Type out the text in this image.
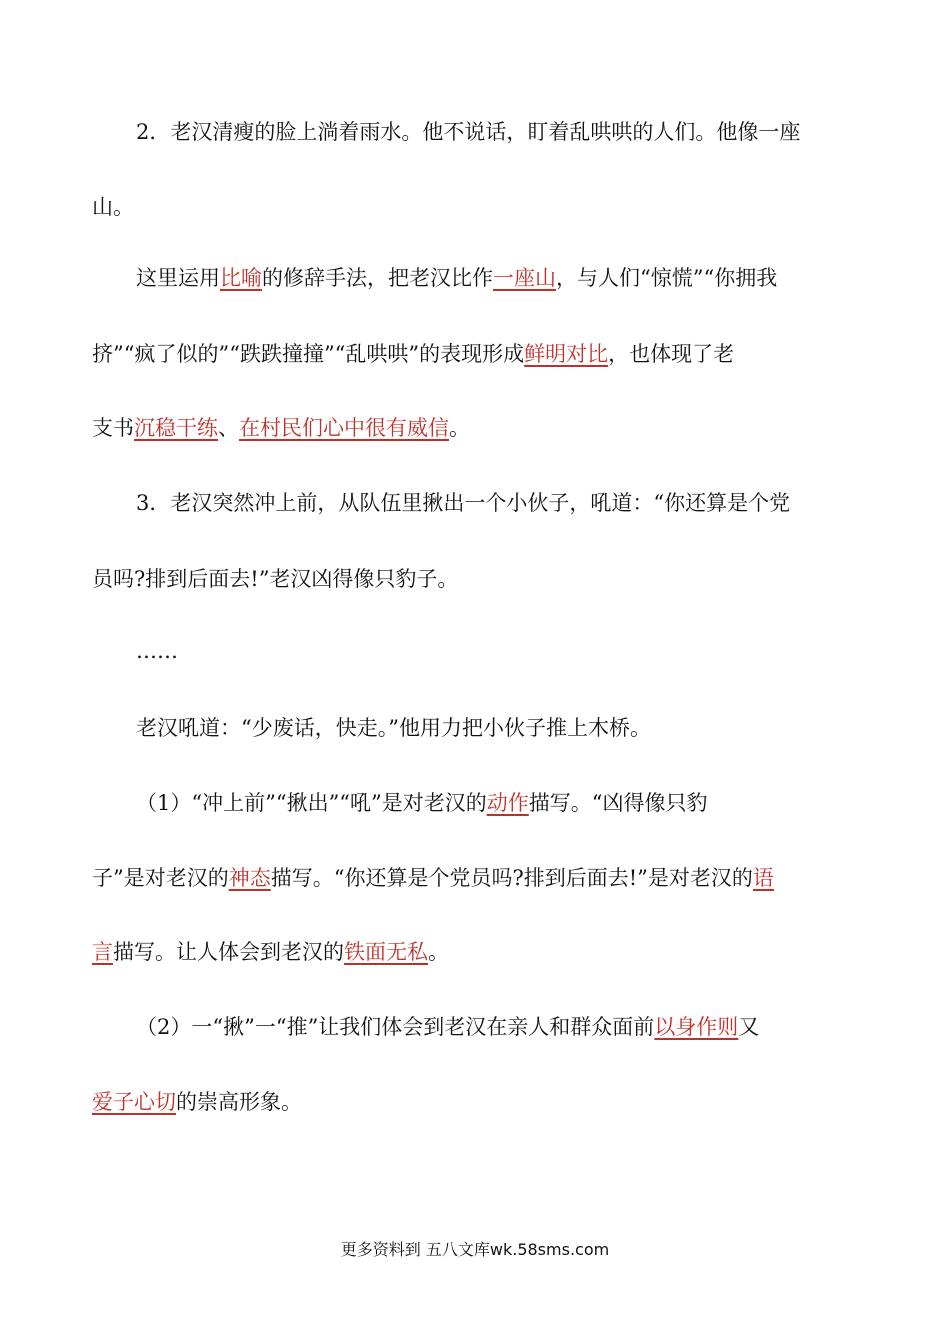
2．老汉清瘦的脸上淌着雨水。他不说话，盯着乱哄哄的人们。他像一座
山。
这里运用比喻的修辞手法，把老汉比作一座山，与人们“惊慌”“你拥我
挤”“疯了似的”“跌跌撞撞”“乱哄哄”的表现形成鲜明对比，也体现了老
支书沉稳干练、在村民们心中很有威信。
3．老汉突然冲上前，从队伍里揪出一个小伙子，吼道：“你还算是个党
员吗?排到后面去!”老汉凶得像只豹子。
……
老汉吼道：“少废话，快走。”他用力把小伙子推上木桥。
（1）“冲上前”“揪出”“吼”是对老汉的动作描写。“凶得像只豹
子”是对老汉的神态描写。“你还算是个党员吗?排到后面去!”是对老汉的语
言描写。让人体会到老汉的铁面无私。
（2）一“揪”一“推”让我们体会到老汉在亲人和群众面前以身作则又
爱子心切的崇高形象。
更多资料到 五八文库wk.58sms.com
